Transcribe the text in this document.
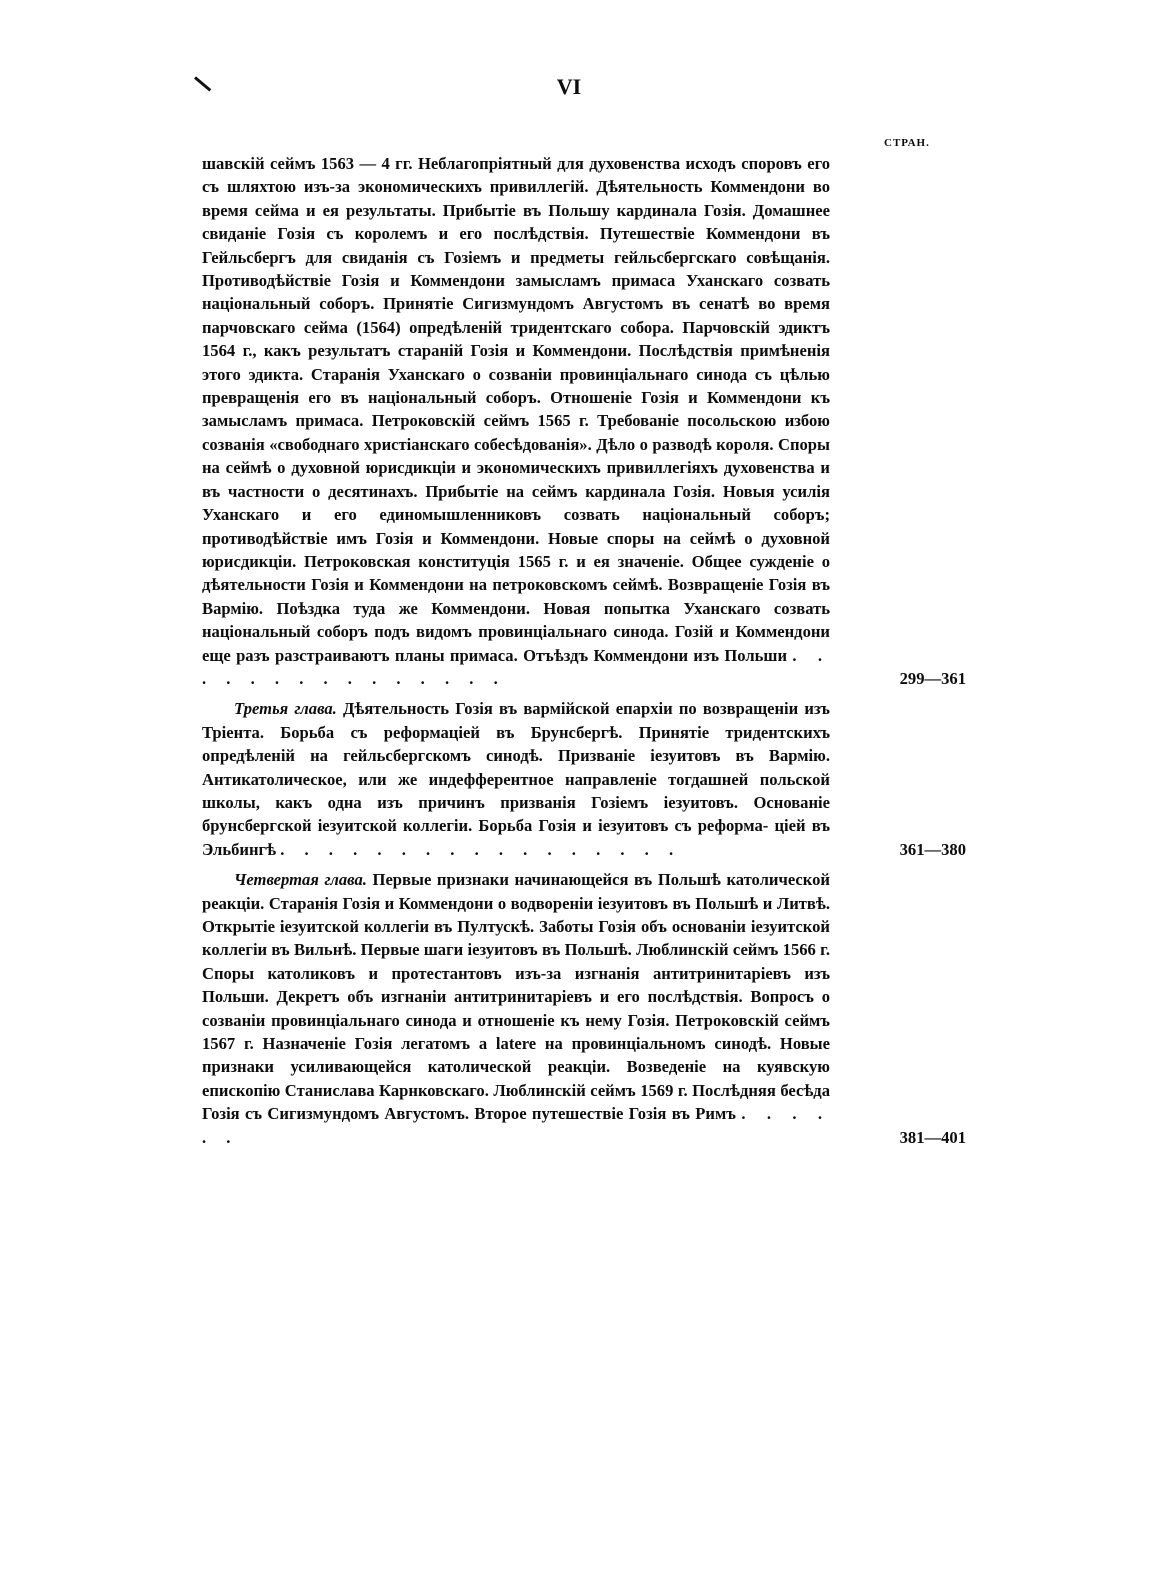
VI
СТРАН.
шавскій сеймъ 1563 — 4 гг. Неблагопріятный для духовенства исходъ споровъ его съ шляхтою изъ-за экономическихъ привиллегій. Дѣятельность Коммендони во время сейма и ея результаты. Прибытіе въ Польшу кардинала Гозія. Домашнее свиданіе Гозія съ королемъ и его послѣдствія. Путешествіе Коммендони въ Гейльсбергъ для свиданія съ Гозіемъ и предметы гейльсбергскаго совѣщанія. Противодѣйствіе Гозія и Коммендони замысламъ примаса Уханскаго созвать національный соборъ. Принятіе Сигизмундомъ Августомъ въ сенатѣ во время парчовскаго сейма (1564) опредѣленій тридентскаго собора. Парчовскій эдиктъ 1564 г., какъ результатъ стараній Гозія и Коммендони. Послѣдствія примѣненія этого эдикта. Старанія Уханскаго о созваніи провинціальнаго синода съ цѣлью превращенія его въ національный соборъ. Отношеніе Гозія и Коммендони къ замысламъ примаса. Петроковскій сеймъ 1565 г. Требованіе посольскою избою созванія «свободнаго христіанскаго собесѣдованія». Дѣло о разводѣ короля. Споры на сеймѣ о духовной юрисдикціи и экономическихъ привиллегіяхъ духовенства и въ частности о десятинахъ. Прибытіе на сеймъ кардинала Гозія. Новыя усилія Уханскаго и его единомышленниковъ созвать національный соборъ; противодѣйствіе имъ Гозія и Коммендони. Новые споры на сеймѣ о духовной юрисдикціи. Петроковская конституція 1565 г. и ея значеніе. Общее сужденіе о дѣятельности Гозія и Коммендони на петроковскомъ сеймѣ. Возвращеніе Гозія въ Вармію. Поѣздка туда же Коммендони. Новая попытка Уханскаго созвать національный соборъ подъ видомъ провинціальнаго синода. Гозій и Коммендони еще разъ разстраиваютъ планы примаса. Отъѣздъ Коммендони изъ Польши . . . . . . . . . . . . . . .	299—361
Третья глава. Дѣятельность Гозія въ вармійской епархіи по возвращеніи изъ Тріента. Борьба съ реформаціей въ Брунсбергѣ. Принятіе тридентскихъ опредѣленій на гейльсбергскомъ синодѣ. Призваніе іезуитовъ въ Вармію. Антикатолическое, или же индефферентное направленіе тогдашней польской школы, какъ одна изъ причинъ призванія Гозіемъ іезуитовъ. Основаніе брунсбергской іезуитской коллегіи. Борьба Гозія и іезуитовъ съ реформа- ціей въ Эльбингѣ . . . . . . . . . . . . . . . . .	361—380
Четвертая глава. Первые признаки начинающейся въ Польшѣ католической реакціи. Старанія Гозія и Коммендони о водвореніи іезуитовъ въ Польшѣ и Литвѣ. Открытіе іезуитской коллегіи въ Пултускѣ. Заботы Гозія объ основаніи іезуитской коллегіи въ Вильнѣ. Первые шаги іезуитовъ въ Польшѣ. Люблинскій сеймъ 1566 г. Споры католиковъ и протестантовъ изъ-за изгнанія антитринитаріевъ изъ Польши. Декретъ объ изгнаніи антитринитаріевъ и его послѣдствія. Вопросъ о созваніи провинціальнаго синода и отношеніе къ нему Гозія. Петроковскій сеймъ 1567 г. Назначеніе Гозія легатомъ a latere на провинціальномъ синодѣ. Новые признаки усиливающейся католической реакціи. Возведеніе на куявскую епископію Станислава Карнковскаго. Люблинскій сеймъ 1569 г. Послѣдняя бесѣда Гозія съ Сигизмундомъ Августомъ. Второе путешествіе Гозія въ Римъ . . . . . .	381—401
